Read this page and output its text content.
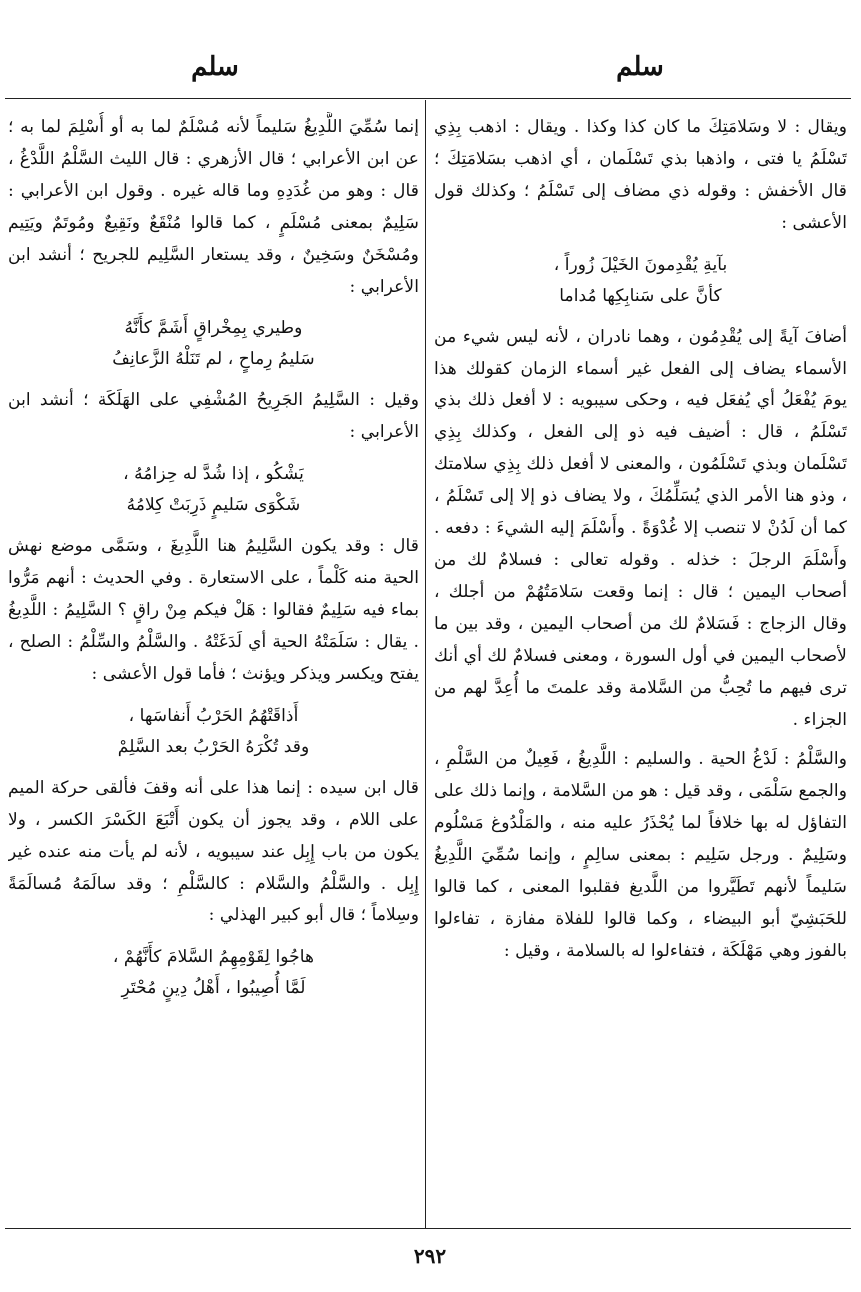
سلم
سلم

ويقال : لا وسَلامَتِكَ ما كان كذا وكذا . ويقال : اذهب بِذِي تَسْلَمُ يا فتى ، واذهبا بذي تَسْلَمان ، أي اذهب بسَلامَتِكَ ؛ قال الأخفش : وقوله ذي مضاف إلى تَسْلَمُ ؛ وكذلك قول الأعشى :

بآيةِ يُقْدِمونَ الخَيْلَ زُوراً ،

كأنَّ على سَنابِكِها مُداما

أضافَ آيةً إلى يُقْدِمُون ، وهما نادران ، لأنه ليس شيء من الأسماء يضاف إلى الفعل غير أسماء الزمان كقولك هذا يومَ يُفْعَلُ أي يُفعَل فيه ، وحكى سيبويه : لا أفعل ذلك بذي تَسْلَمُ ، قال : أضيف فيه ذو إلى الفعل ، وكذلك بِذِي تَسْلَمان وبذي تَسْلَمُون ، والمعنى لا أفعل ذلك بِذِي سلامتك ، وذو هنا الأمر الذي يُسَلِّمُكَ ، ولا يضاف ذو إلا إلى تَسْلَمُ ، كما أن لَدُنْ لا تنصب إلا غُدْوَةً . وأَسْلَمَ إليه الشيءَ : دفعه . وأَسْلَمَ الرجلَ : خذله . وقوله تعالى : فسلامٌ لك من أصحاب اليمين ؛ قال : إنما وقعت سَلامَتُهُمْ من أجلك ، وقال الزجاج : فَسَلامٌ لك من أصحاب اليمين ، وقد بين ما لأصحاب اليمين في أول السورة ، ومعنى فسلامٌ لك أي أنك ترى فيهم ما تُحِبُّ من السَّلامة وقد علمتَ ما أُعِدَّ لهم من الجزاء .

والسَّلْمُ : لَدْغُ الحية . والسليم : اللَّدِيغُ ، فَعِيلٌ من السَّلْمِ ، والجمع سَلْمَى ، وقد قيل : هو من السَّلامة ، وإنما ذلك على التفاؤل له بها خلافاً لما يُحْذَرُ عليه منه ، والمَلْدُوغ مَسْلُوم وسَلِيمٌ . ورجل سَلِيم : بمعنى سالِمٍ ، وإنما سُمِّيَ اللَّدِيغُ سَليماً لأنهم تَطَيَّروا من اللَّديغ فقلبوا المعنى ، كما قالوا للحَبَشِيّ أبو البيضاء ، وكما قالوا للفلاة مفازة ، تفاءلوا بالفوز وهي مَهْلَكَة ، فتفاءلوا له بالسلامة ، وقيل :

إنما سُمِّيَ اللَّدِيغُ سَليماً لأنه مُسْلَمٌ لما به أو أُسْلِمَ لما به ؛ عن ابن الأعرابي ؛ قال الأزهري : قال الليث السَّلْمُ اللَّدْغُ ، قال : وهو من غُدَدِهِ وما قاله غيره . وقول ابن الأعرابي : سَلِيمٌ بمعنى مُسْلَمٍ ، كما قالوا مُنْقَعٌ ونَقِيعٌ ومُوتَمٌ ويَتِيم ومُسْخَنٌ وسَخِينٌ ، وقد يستعار السَّلِيم للجريح ؛ أنشد ابن الأعرابي :

وطيري بِمِخْراقٍ أَشَمَّ كأَنَّهُ

سَليمُ رِماحٍ ، لم تَنَلْهُ الزَّعانِفُ

وقيل : السَّلِيمُ الجَرِيحُ المُشْفِي على الهَلَكَة ؛ أنشد ابن الأعرابي :

يَشْكُو ، إذا شُدَّ له حِزامُهُ ،

شَكْوَى سَليمٍ ذَرِبَتْ كِلامُهُ

قال : وقد يكون السَّلِيمُ هنا اللَّدِيغَ ، وسَمَّى موضع نهش الحية منه كَلْماً ، على الاستعارة . وفي الحديث : أنهم مَرُّوا بماء فيه سَلِيمٌ فقالوا : هَلْ فيكم مِنْ راقٍ ؟ السَّلِيمُ : اللَّدِيغُ . يقال : سَلَمَتْهُ الحية أي لَدَغَتْهُ . والسَّلْمُ والسِّلْمُ : الصلح ، يفتح ويكسر ويذكر ويؤنث ؛ فأما قول الأعشى :

أَذاقَتْهُمُ الحَرْبُ أَنفاسَها ،

وقد تُكْرَهُ الحَرْبُ بعد السَّلِمْ

قال ابن سيده : إنما هذا على أنه وقفَ فألقى حركة الميم على اللام ، وقد يجوز أن يكون أَتْبَعَ الكَسْرَ الكسر ، ولا يكون من باب إِبِل عند سيبويه ، لأنه لم يأت منه عنده غير إِبِل . والسَّلْمُ والسَّلام : كالسَّلْمِ ؛ وقد سالَمَهُ مُسالَمَةً وسِلاماً ؛ قال أبو كبير الهذلي :

هاجُوا لِقَوْمِهِمُ السَّلامَ كأَنَّهُمْ ،

لَمَّا أُصِيبُوا ، أَهْلُ دِينٍ مُحْتَرِ

٢٩٢
